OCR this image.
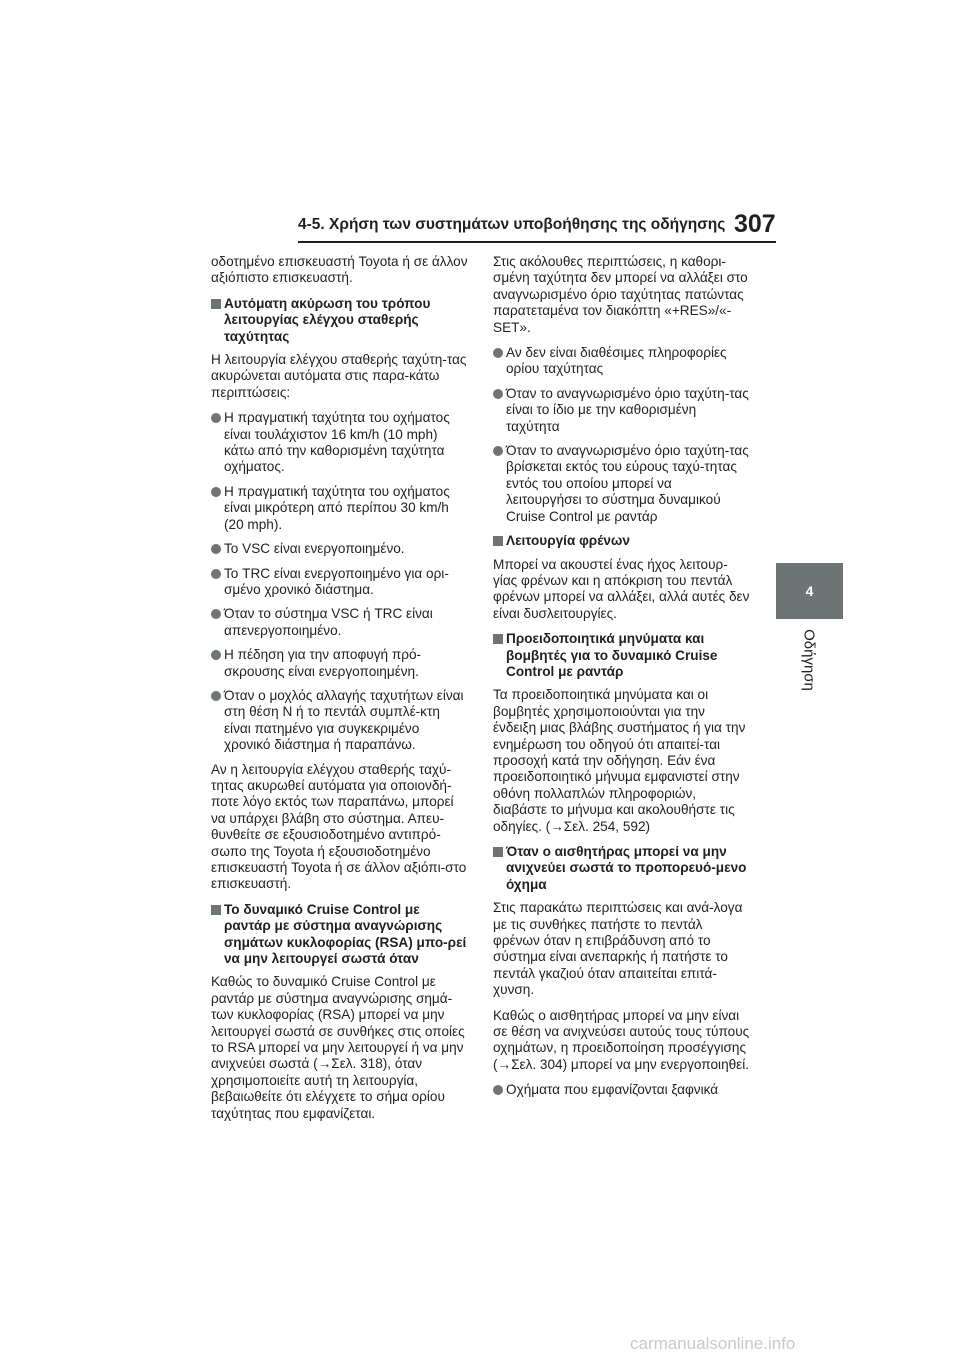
4-5. Χρήση των συστημάτων υποβοήθησης της οδήγησης 307
4
Οδήγηση

οδοτημένο επισκευαστή Toyota ή σε άλλον αξιόπιστο επισκευαστή.

Αυτόματη ακύρωση του τρόπου λειτουργίας ελέγχου σταθερής ταχύτητας

Η λειτουργία ελέγχου σταθερής ταχύτη-τας ακυρώνεται αυτόματα στις παρα-κάτω περιπτώσεις:

Η πραγματική ταχύτητα του οχήματος είναι τουλάχιστον 16 km/h (10 mph) κάτω από την καθορισμένη ταχύτητα οχήματος.
Η πραγματική ταχύτητα του οχήματος είναι μικρότερη από περίπου 30 km/h (20 mph).
Το VSC είναι ενεργοποιημένο.
Το TRC είναι ενεργοποιημένο για ορι-σμένο χρονικό διάστημα.
Όταν το σύστημα VSC ή TRC είναι απενεργοποιημένο.
Η πέδηση για την αποφυγή πρό-σκρουσης είναι ενεργοποιημένη.
Όταν ο μοχλός αλλαγής ταχυτήτων είναι στη θέση N ή το πεντάλ συμπλέ-κτη είναι πατημένο για συγκεκριμένο χρονικό διάστημα ή παραπάνω.

Αν η λειτουργία ελέγχου σταθερής ταχύ-τητας ακυρωθεί αυτόματα για οποιονδή-ποτε λόγο εκτός των παραπάνω, μπορεί να υπάρχει βλάβη στο σύστημα. Απευ-θυνθείτε σε εξουσιοδοτημένο αντιπρό-σωπο της Toyota ή εξουσιοδοτημένο επισκευαστή Toyota ή σε άλλον αξιόπι-στο επισκευαστή.

Το δυναμικό Cruise Control με ραντάρ με σύστημα αναγνώρισης σημάτων κυκλοφορίας (RSA) μπο-ρεί να μην λειτουργεί σωστά όταν

Καθώς το δυναμικό Cruise Control με ραντάρ με σύστημα αναγνώρισης σημά-των κυκλοφορίας (RSA) μπορεί να μην λειτουργεί σωστά σε συνθήκες στις οποίες το RSA μπορεί να μην λειτουργεί ή να μην ανιχνεύει σωστά (→Σελ. 318), όταν χρησιμοποιείτε αυτή τη λειτουργία, βεβαιωθείτε ότι ελέγχετε το σήμα ορίου ταχύτητας που εμφανίζεται.

Στις ακόλουθες περιπτώσεις, η καθορι-σμένη ταχύτητα δεν μπορεί να αλλάξει στο αναγνωρισμένο όριο ταχύτητας πατώντας παρατεταμένα τον διακόπτη «+RES»/«-SET».

Αν δεν είναι διαθέσιμες πληροφορίες ορίου ταχύτητας
Όταν το αναγνωρισμένο όριο ταχύτη-τας είναι το ίδιο με την καθορισμένη ταχύτητα
Όταν το αναγνωρισμένο όριο ταχύτη-τας βρίσκεται εκτός του εύρους ταχύ-τητας εντός του οποίου μπορεί να λειτουργήσει το σύστημα δυναμικού Cruise Control με ραντάρ
Λειτουργία φρένων

Μπορεί να ακουστεί ένας ήχος λειτουρ-γίας φρένων και η απόκριση του πεντάλ φρένων μπορεί να αλλάξει, αλλά αυτές δεν είναι δυσλειτουργίες.

Προειδοποιητικά μηνύματα και βομβητές για το δυναμικό Cruise Control με ραντάρ

Τα προειδοποιητικά μηνύματα και οι βομβητές χρησιμοποιούνται για την ένδειξη μιας βλάβης συστήματος ή για την ενημέρωση του οδηγού ότι απαιτεί-ται προσοχή κατά την οδήγηση. Εάν ένα προειδοποιητικό μήνυμα εμφανιστεί στην οθόνη πολλαπλών πληροφοριών, διαβάστε το μήνυμα και ακολουθήστε τις οδηγίες. (→Σελ. 254, 592)

Όταν ο αισθητήρας μπορεί να μην ανιχνεύει σωστά το προπορευό-μενο όχημα

Στις παρακάτω περιπτώσεις και ανά-λογα με τις συνθήκες πατήστε το πεντάλ φρένων όταν η επιβράδυνση από το σύστημα είναι ανεπαρκής ή πατήστε το πεντάλ γκαζιού όταν απαιτείται επιτά-χυνση.

Καθώς ο αισθητήρας μπορεί να μην είναι σε θέση να ανιχνεύσει αυτούς τους τύπους οχημάτων, η προειδοποίηση προσέγγισης (→Σελ. 304) μπορεί να μην ενεργοποιηθεί.

Οχήματα που εμφανίζονται ξαφνικά
carmanualsonline.info
